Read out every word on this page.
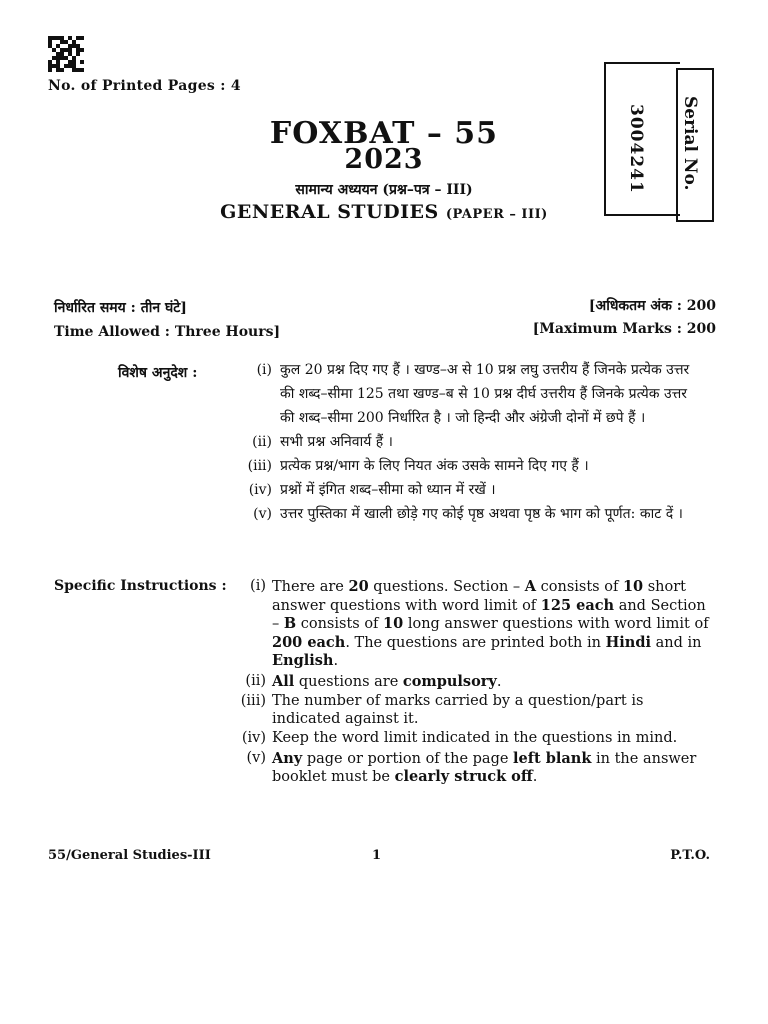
No. of Printed Pages : 4
3004241 Serial No.
FOXBAT – 55
2023
सामान्य अध्ययन (प्रश्न–पत्र – III)
GENERAL STUDIES (PAPER – III)
निर्धारित समय : तीन घंटे]	[अधिकतम अंक : 200
Time Allowed : Three Hours]	[Maximum Marks : 200
विशेष अनुदेश :	(i) कुल 20 प्रश्न दिए गए हैं । खण्ड–अ से 10 प्रश्न लघु उत्तरीय हैं जिनके प्रत्येक उत्तर की शब्द–सीमा 125 तथा खण्ड–ब से 10 प्रश्न दीर्घ उत्तरीय हैं जिनके प्रत्येक उत्तर की शब्द–सीमा 200 निर्धारित है । जो हिन्दी और अंग्रेजी दोनों में छपे हैं ।
(ii) सभी प्रश्न अनिवार्य हैं ।
(iii) प्रत्येक प्रश्न/भाग के लिए नियत अंक उसके सामने दिए गए हैं ।
(iv) प्रश्नों में इंगित शब्द–सीमा को ध्यान में रखें ।
(v) उत्तर पुस्तिका में खाली छोड़े गए कोई पृष्ठ अथवा पृष्ठ के भाग को पूर्णत: काट दें ।
Specific Instructions :	(i) There are 20 questions. Section – A consists of 10 short answer questions with word limit of 125 each and Section – B consists of 10 long answer questions with word limit of 200 each. The questions are printed both in Hindi and in English.
(ii) All questions are compulsory.
(iii) The number of marks carried by a question/part is indicated against it.
(iv) Keep the word limit indicated in the questions in mind.
(v) Any page or portion of the page left blank in the answer booklet must be clearly struck off.
55/General Studies-III	1	P.T.O.
